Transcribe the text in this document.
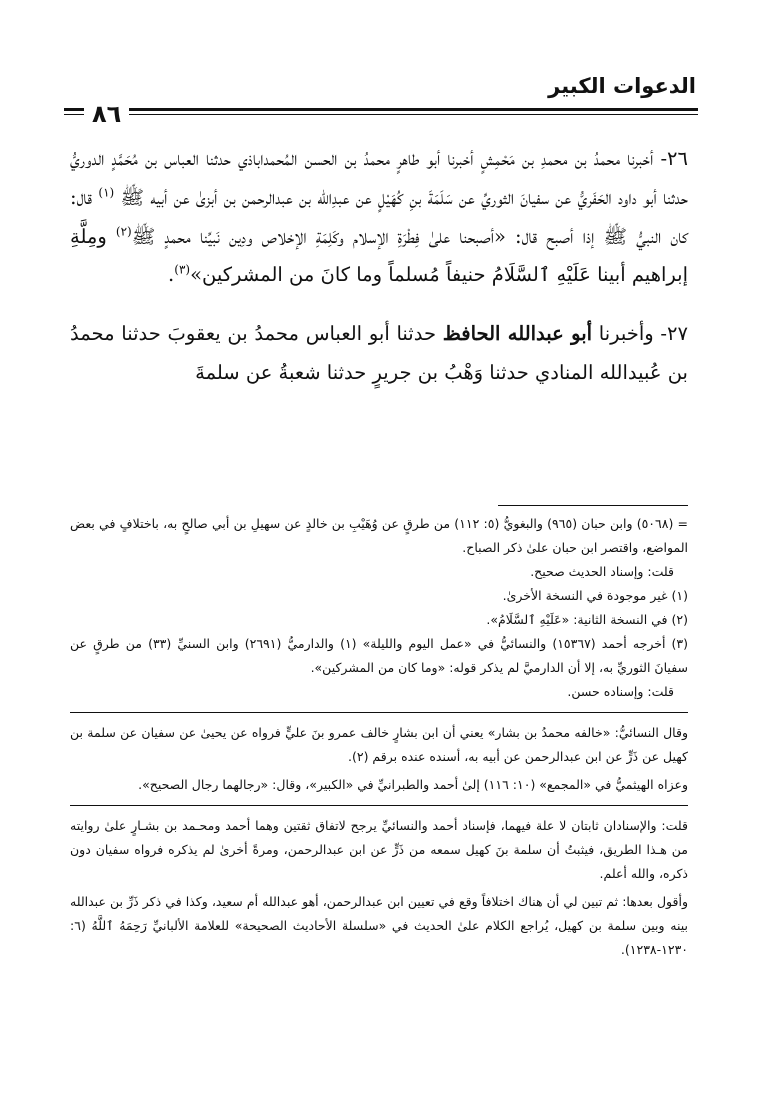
الدعوات الكبير
٨٦

٢٦- أخبرنا محمدُ بن محمدِ بن مَحْمِشٍ أخبرنا أبو طاهرٍ محمدُ بن الحسن المُحمداباذي حدثنا العباس بن مُحَمَّدٍ الدوريُّ حدثنا أبو داود الحَفَريُّ عن سفيانَ الثوريِّ عن سَلَمَةَ بنِ كُهَيْلٍ عن عبدِالله بن عبدالرحمن بن أبزىٰ عن أبيه ﷺ $^{(١)}$ قال: كان النبيُّ ﷺ إذا أصبح قال: «أصبحنا علىٰ فِطْرَةِ الإسلام وكَلِمَةِ الإخلاص ودِين نَبيِّنا محمدٍ ﷺ$^{(٢)}$ ومِلَّةِ إبراهيم أبينا عَلَيْهِ ٱلسَّلَامُ حنيفاً مُسلماً وما كانَ من المشركين»$^{(٣)}$.

٢٧- وأخبرنا أبو عبدالله الحافظ حدثنا أبو العباس محمدُ بن يعقوبَ حدثنا محمدُ بن عُبيدالله المنادي حدثنا وَهْبُ بن جريرٍ حدثنا شعبةُ عن سلمةَ

= (٥٠٦٨) وابن حبان (٩٦٥) والبغويُّ (٥: ١١٢) من طرقٍ عن وُهَيْبِ بن خالدٍ عن سهيلِ بن أبي صالحٍ به، باختلافٍ في بعض المواضع، واقتصر ابن حبان علىٰ ذكر الصباح.

قلت: وإسناد الحديث صحيح.

(١) غير موجودة في النسخة الأخرىٰ.

(٢) في النسخة الثانية: «عَلَيْهِ ٱلسَّلَامُ».

(٣) أخرجه أحمد (١٥٣٦٧) والنسائيُّ في «عمل اليوم والليلة» (١) والدارميُّ (٢٦٩١) وابن السنيِّ (٣٣) من طرقٍ عن سفيانَ الثوريِّ به، إلا أن الدارميَّ لم يذكر قوله: «وما كان من المشركين».

قلت: وإسناده حسن.

وقال النسائيُّ: «خالفه محمدُ بن بشار» يعني أن ابن بشارٍ خالف عمرو بنَ عليٍّ فرواه عن يحيىٰ عن سفيان عن سلمة بن كهيل عن ذَرٍّ عن ابن عبدالرحمن عن أبيه به، أسنده عنده برقم (٢).

وعزاه الهيثميُّ في «المجمع» (١٠: ١١٦) إلىٰ أحمد والطبرانيِّ في «الكبير»، وقال: «رجالهما رجال الصحيح».

قلت: والإسنادان ثابتان لا علة فيهما، فإسناد أحمد والنسائيِّ يرجح لاتفاق ثقتين وهما أحمد ومحـمد بن بشـارٍ علىٰ روايته من هـذا الطريق، فيثبتُ أن سلمة بنَ كهيل سمعه من ذَرٍّ عن ابن عبدالرحمن، ومرةً أخرىٰ لم يذكره فرواه سفيان دون ذكره، والله أعلم.

وأقول بعدها: ثم تبين لي أن هناك اختلافاً وقع في تعيين ابن عبدالرحمن، أهو عبدالله أم سعيد، وكذا في ذكر ذَرِّ بن عبدالله بينه وبين سلمة بن كهيل، يُراجع الكلام علىٰ الحديث في «سلسلة الأحاديث الصحيحة» للعلامة الألبانيِّ رَحِمَهُ ٱللَّهُ (٦: ١٢٣٠-١٢٣٨).
